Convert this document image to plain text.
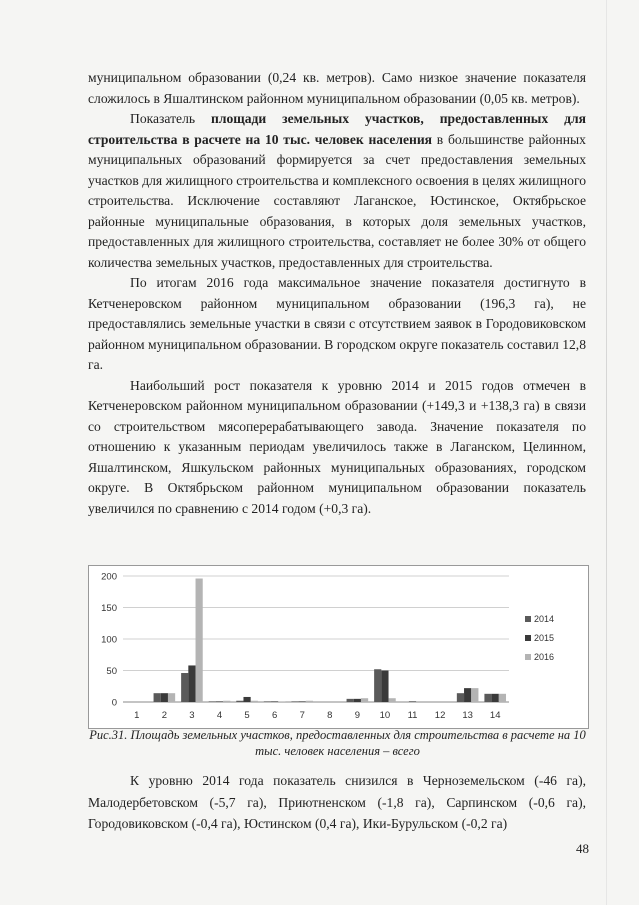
муниципальном образовании (0,24 кв. метров). Само низкое значение показателя сложилось в Яшалтинском районном муниципальном образовании (0,05 кв. метров).

Показатель площади земельных участков, предоставленных для строительства в расчете на 10 тыс. человек населения в большинстве районных муниципальных образований формируется за счет предоставления земельных участков для жилищного строительства и комплексного освоения в целях жилищного строительства. Исключение составляют Лаганское, Юстинское, Октябрьское районные муниципальные образования, в которых доля земельных участков, предоставленных для жилищного строительства, составляет не более 30% от общего количества земельных участков, предоставленных для строительства.

По итогам 2016 года максимальное значение показателя достигнуто в Кетченеровском районном муниципальном образовании (196,3 га), не предоставлялись земельные участки в связи с отсутствием заявок в Городовиковском районном муниципальном образовании. В городском округе показатель составил 12,8 га.

Наибольший рост показателя к уровню 2014 и 2015 годов отмечен в Кетченеровском районном муниципальном образовании (+149,3 и +138,3 га) в связи со строительством мясоперерабатывающего завода. Значение показателя по отношению к указанным периодам увеличилось также в Лаганском, Целинном, Яшалтинском, Яшкульском районных муниципальных образованиях, городском округе. В Октябрьском районном муниципальном образовании показатель увеличился по сравнению с 2014 годом (+0,3 га).

0
50
100
150
200
1 2 3 4 5 6 7 8 9 10 11 12 13 14
2014
2015
2016
Рис.31. Площадь земельных участков, предоставленных для строительства в расчете на 10 тыс. человек населения – всего

К уровню 2014 года показатель снизился в Черноземельском (-46 га), Малодербетовском (-5,7 га), Приютненском (-1,8 га), Сарпинском (-0,6 га), Городовиковском (-0,4 га), Юстинском (0,4 га), Ики-Бурульском (-0,2 га)

48
